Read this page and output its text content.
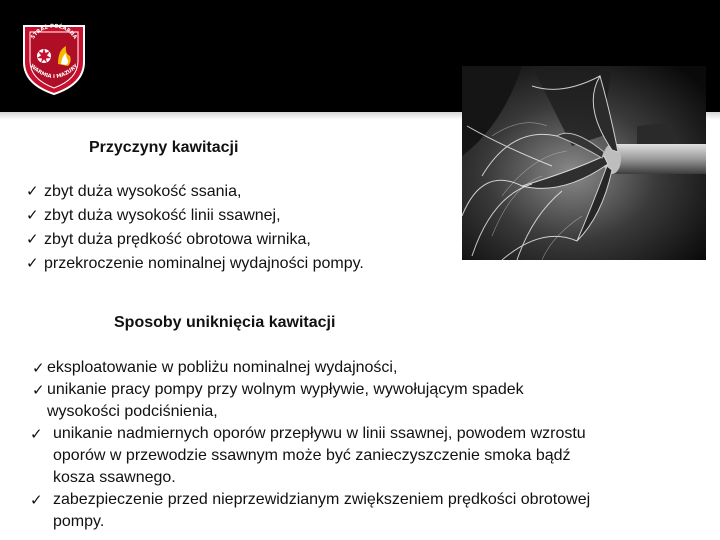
STRAŻ POŻARNA
WARMIA I MAZURY
Przyczyny kawitacji
✓ zbyt duża wysokość ssania,
✓ zbyt duża wysokość linii ssawnej,
✓ zbyt duża prędkość obrotowa wirnika,
✓ przekroczenie nominalnej wydajności pompy.
Sposoby uniknięcia kawitacji
✓ eksploatowanie w pobliżu nominalnej wydajności,
✓ unikanie pracy pompy przy wolnym wypływie, wywołującym spadek wysokości podciśnienia,
✓ unikanie nadmiernych oporów przepływu w linii ssawnej, powodem wzrostu oporów w przewodzie ssawnym może być zanieczyszczenie smoka bądź kosza ssawnego.
✓ zabezpieczenie przed nieprzewidzianym zwiększeniem prędkości obrotowej pompy.
